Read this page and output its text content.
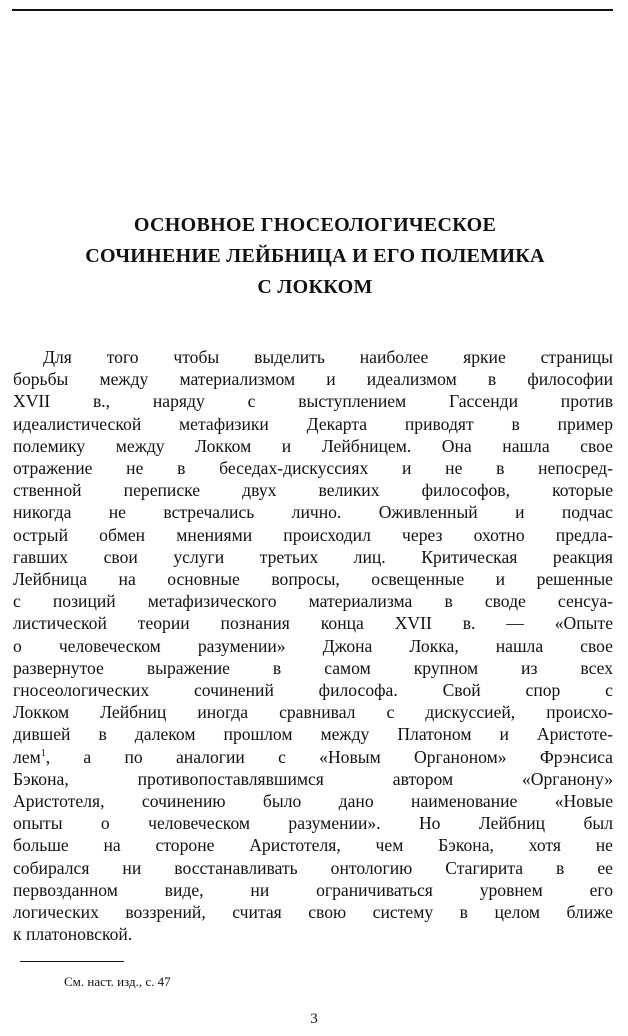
ОСНОВНОЕ ГНОСЕОЛОГИЧЕСКОЕ
СОЧИНЕНИЕ ЛЕЙБНИЦА И ЕГО ПОЛЕМИКА
С ЛОККОМ
Для того чтобы выделить наиболее яркие страницы
борьбы между материализмом и идеализмом в философии
XVII в., наряду с выступлением Гассенди против
идеалистической метафизики Декарта приводят в пример
полемику между Локком и Лейбницем. Она нашла свое
отражение не в беседах-дискуссиях и не в непосред-
ственной переписке двух великих философов, которые
никогда не встречались лично. Оживленный и подчас
острый обмен мнениями происходил через охотно предла-
гавших свои услуги третьих лиц. Критическая реакция
Лейбница на основные вопросы, освещенные и решенные
с позиций метафизического материализма в своде сенсуа-
листической теории познания конца XVII в. — «Опыте
о человеческом разумении» Джона Локка, нашла свое
развернутое выражение в самом крупном из всех
гносеологических сочинений философа. Свой спор с
Локком Лейбниц иногда сравнивал с дискуссией, происхо-
дившей в далеком прошлом между Платоном и Аристоте-
лем$^1$, а по аналогии с «Новым Органоном» Фрэнсиса
Бэкона, противопоставлявшимся автором «Органону»
Аристотеля, сочинению было дано наименование «Новые
опыты о человеческом разумении». Но Лейбниц был
больше на стороне Аристотеля, чем Бэкона, хотя не
собирался ни восстанавливать онтологию Стагирита в ее
первозданном виде, ни ограничиваться уровнем его
логических воззрений, считая свою систему в целом ближе
к платоновской.
См. наст. изд., с. 47
3
